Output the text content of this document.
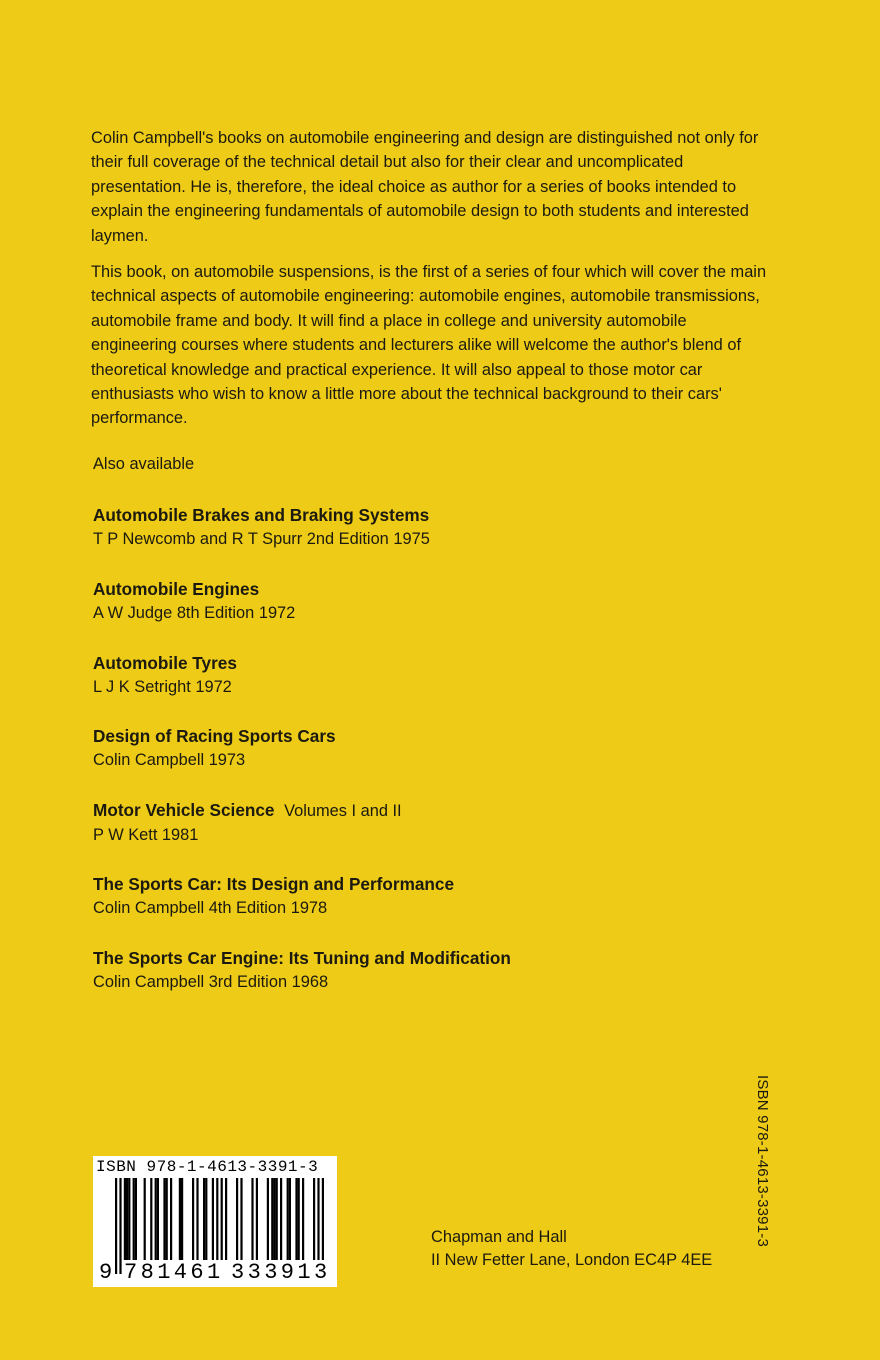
Colin Campbell's books on automobile engineering and design are distinguished not only for their full coverage of the technical detail but also for their clear and uncomplicated presentation. He is, therefore, the ideal choice as author for a series of books intended to explain the engineering fundamentals of automobile design to both students and interested laymen.

This book, on automobile suspensions, is the first of a series of four which will cover the main technical aspects of automobile engineering: automobile engines, automobile transmissions, automobile frame and body. It will find a place in college and university automobile engineering courses where students and lecturers alike will welcome the author's blend of theoretical knowledge and practical experience. It will also appeal to those motor car enthusiasts who wish to know a little more about the technical background to their cars' performance.

Also available
Automobile Brakes and Braking Systems
T P Newcomb and R T Spurr 2nd Edition 1975
Automobile Engines
A W Judge 8th Edition 1972
Automobile Tyres
L J K Setright 1972
Design of Racing Sports Cars
Colin Campbell 1973
Motor Vehicle Science Volumes I and II
P W Kett 1981
The Sports Car: Its Design and Performance
Colin Campbell 4th Edition 1978
The Sports Car Engine: Its Tuning and Modification
Colin Campbell 3rd Edition 1968
ISBN 978-1-4613-3391-3
ISBN 978-1-4613-3391-3
9 781461 333913
Chapman and Hall
II New Fetter Lane, London EC4P 4EE
